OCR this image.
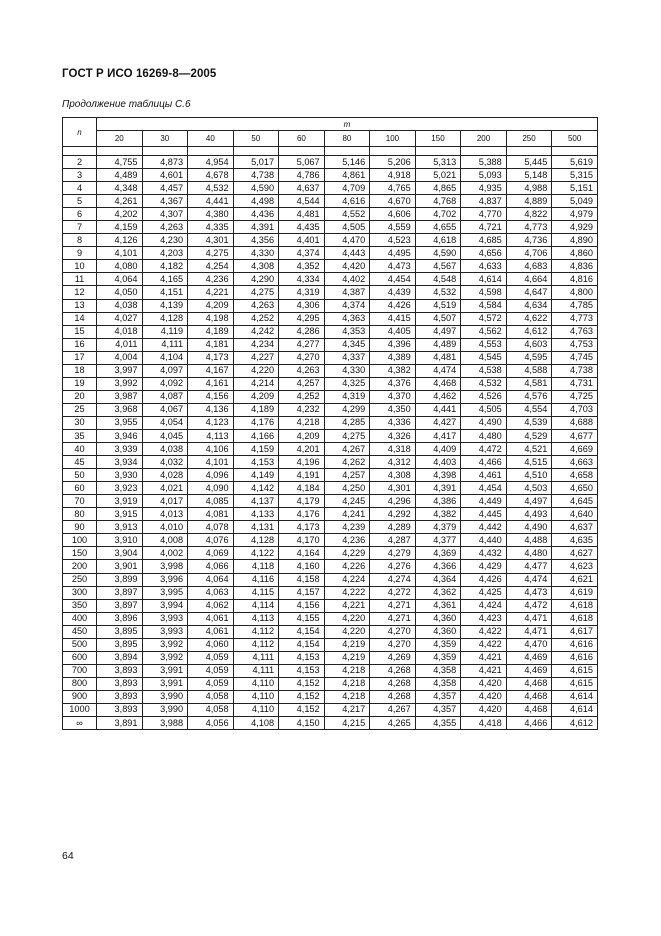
ГОСТ Р ИСО 16269-8—2005
Продолжение таблицы С.6
n	m										
	20	30	40	50	60	80	100	150	200	250	500

2	4,755	4,873	4,954	5,017	5,067	5,146	5,206	5,313	5,388	5,445	5,619
3	4,489	4,601	4,678	4,738	4,786	4,861	4,918	5,021	5,093	5,148	5,315
4	4,348	4,457	4,532	4,590	4,637	4,709	4,765	4,865	4,935	4,988	5,151
5	4,261	4,367	4,441	4,498	4,544	4,616	4,670	4,768	4,837	4,889	5,049
6	4,202	4,307	4,380	4,436	4,481	4,552	4,606	4,702	4,770	4,822	4,979
7	4,159	4,263	4,335	4,391	4,435	4,505	4,559	4,655	4,721	4,773	4,929
8	4,126	4,230	4,301	4,356	4,401	4,470	4,523	4,618	4,685	4,736	4,890
9	4,101	4,203	4,275	4,330	4,374	4,443	4,495	4,590	4,656	4,706	4,860
10	4,080	4,182	4,254	4,308	4,352	4,420	4,473	4,567	4,633	4,683	4,836
11	4,064	4,165	4,236	4,290	4,334	4,402	4,454	4,548	4,614	4,664	4,816
12	4,050	4,151	4,221	4,275	4,319	4,387	4,439	4,532	4,598	4,647	4,800
13	4,038	4,139	4,209	4,263	4,306	4,374	4,426	4,519	4,584	4,634	4,785
14	4,027	4,128	4,198	4,252	4,295	4,363	4,415	4,507	4,572	4,622	4,773
15	4,018	4,119	4,189	4,242	4,286	4,353	4,405	4,497	4,562	4,612	4,763
16	4,011	4,111	4,181	4,234	4,277	4,345	4,396	4,489	4,553	4,603	4,753
17	4,004	4,104	4,173	4,227	4,270	4,337	4,389	4,481	4,545	4,595	4,745
18	3,997	4,097	4,167	4,220	4,263	4,330	4,382	4,474	4,538	4,588	4,738
19	3,992	4,092	4,161	4,214	4,257	4,325	4,376	4,468	4,532	4,581	4,731
20	3,987	4,087	4,156	4,209	4,252	4,319	4,370	4,462	4,526	4,576	4,725
25	3,968	4,067	4,136	4,189	4,232	4,299	4,350	4,441	4,505	4,554	4,703
30	3,955	4,054	4,123	4,176	4,218	4,285	4,336	4,427	4,490	4,539	4,688
35	3,946	4,045	4,113	4,166	4,209	4,275	4,326	4,417	4,480	4,529	4,677
40	3,939	4,038	4,106	4,159	4,201	4,267	4,318	4,409	4,472	4,521	4,669
45	3,934	4,032	4,101	4,153	4,196	4,262	4,312	4,403	4,466	4,515	4,663
50	3,930	4,028	4,096	4,149	4,191	4,257	4,308	4,398	4,461	4,510	4,658
60	3,923	4,021	4,090	4,142	4,184	4,250	4,301	4,391	4,454	4,503	4,650
70	3,919	4,017	4,085	4,137	4,179	4,245	4,296	4,386	4,449	4,497	4,645
80	3,915	4,013	4,081	4,133	4,176	4,241	4,292	4,382	4,445	4,493	4,640
90	3,913	4,010	4,078	4,131	4,173	4,239	4,289	4,379	4,442	4,490	4,637
100	3,910	4,008	4,076	4,128	4,170	4,236	4,287	4,377	4,440	4,488	4,635
150	3,904	4,002	4,069	4,122	4,164	4,229	4,279	4,369	4,432	4,480	4,627
200	3,901	3,998	4,066	4,118	4,160	4,226	4,276	4,366	4,429	4,477	4,623
250	3,899	3,996	4,064	4,116	4,158	4,224	4,274	4,364	4,426	4,474	4,621
300	3,897	3,995	4,063	4,115	4,157	4,222	4,272	4,362	4,425	4,473	4,619
350	3,897	3,994	4,062	4,114	4,156	4,221	4,271	4,361	4,424	4,472	4,618
400	3,896	3,993	4,061	4,113	4,155	4,220	4,271	4,360	4,423	4,471	4,618
450	3,895	3,993	4,061	4,112	4,154	4,220	4,270	4,360	4,422	4,471	4,617
500	3,895	3,992	4,060	4,112	4,154	4,219	4,270	4,359	4,422	4,470	4,616
600	3,894	3,992	4,059	4,111	4,153	4,219	4,269	4,359	4,421	4,469	4,616
700	3,893	3,991	4,059	4,111	4,153	4,218	4,268	4,358	4,421	4,469	4,615
800	3,893	3,991	4,059	4,110	4,152	4,218	4,268	4,358	4,420	4,468	4,615
900	3,893	3,990	4,058	4,110	4,152	4,218	4,268	4,357	4,420	4,468	4,614
1000	3,893	3,990	4,058	4,110	4,152	4,217	4,267	4,357	4,420	4,468	4,614
∞	3,891	3,988	4,056	4,108	4,150	4,215	4,265	4,355	4,418	4,466	4,612
64
